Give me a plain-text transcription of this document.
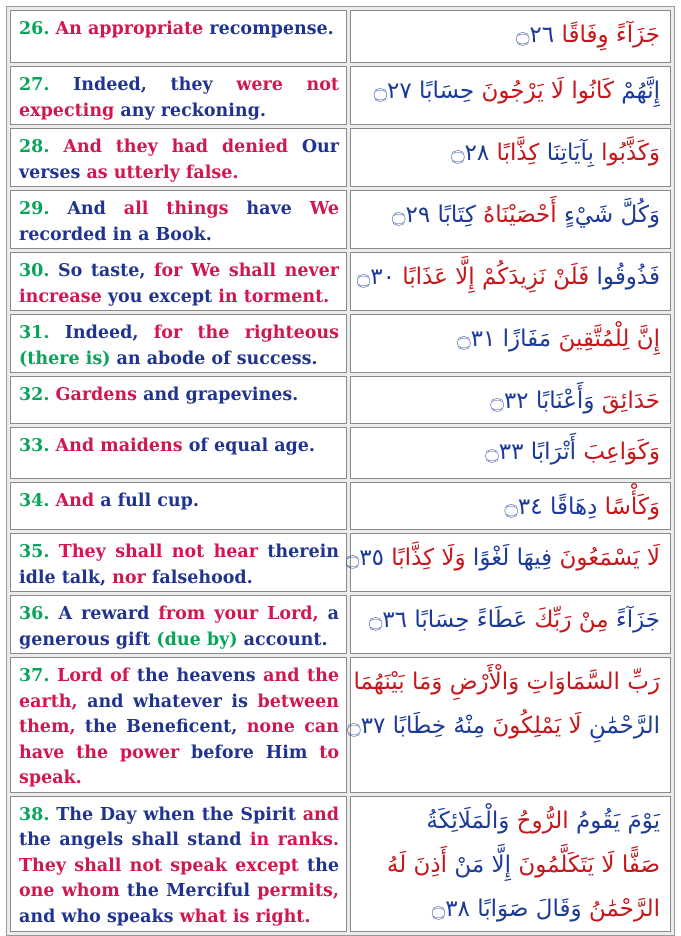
26. An appropriate recompense.	جَزَآءً وِفَاقًا ۝٢٦

27. Indeed, they were not expecting any reckoning.	إِنَّهُمْ كَانُوا لَا يَرْجُونَ حِسَابًا ۝٢٧

28. And they had denied Our verses as utterly false.	وَكَذَّبُوا بِآيَاتِنَا كِذَّابًا ۝٢٨

29. And all things have We recorded in a Book.	وَكُلَّ شَيْءٍ أَحْصَيْنَاهُ كِتَابًا ۝٢٩

30. So taste, for We shall never increase you except in torment.	فَذُوقُوا فَلَنْ نَزِيدَكُمْ إِلَّا عَذَابًا ۝٣٠

31. Indeed, for the righteous (there is) an abode of success.	إِنَّ لِلْمُتَّقِينَ مَفَازًا ۝٣١

32. Gardens and grapevines.	حَدَائِقَ وَأَعْنَابًا ۝٣٢

33. And maidens of equal age.	وَكَوَاعِبَ أَتْرَابًا ۝٣٣

34. And a full cup.	وَكَأْسًا دِهَاقًا ۝٣٤

35. They shall not hear therein idle talk, nor falsehood.	لَا يَسْمَعُونَ فِيهَا لَغْوًا وَلَا كِذَّابًا ۝٣٥

36. A reward from your Lord, a generous gift (due by) account.	جَزَآءً مِنْ رَبِّكَ عَطَاءً حِسَابًا ۝٣٦

37. Lord of the heavens and the earth, and whatever is between them, the Beneficent, none can have the power before Him to speak.	رَبِّ السَّمَاوَاتِ وَالْأَرْضِ وَمَا بَيْنَهُمَا
الرَّحْمَٰنِ لَا يَمْلِكُونَ مِنْهُ خِطَابًا ۝٣٧

38. The Day when the Spirit and the angels shall stand in ranks. They shall not speak except the one whom the Merciful permits, and who speaks what is right.	يَوْمَ يَقُومُ الرُّوحُ وَالْمَلَائِكَةُ
صَفًّا لَا يَتَكَلَّمُونَ إِلَّا مَنْ أَذِنَ لَهُ
الرَّحْمَٰنُ وَقَالَ صَوَابًا ۝٣٨
